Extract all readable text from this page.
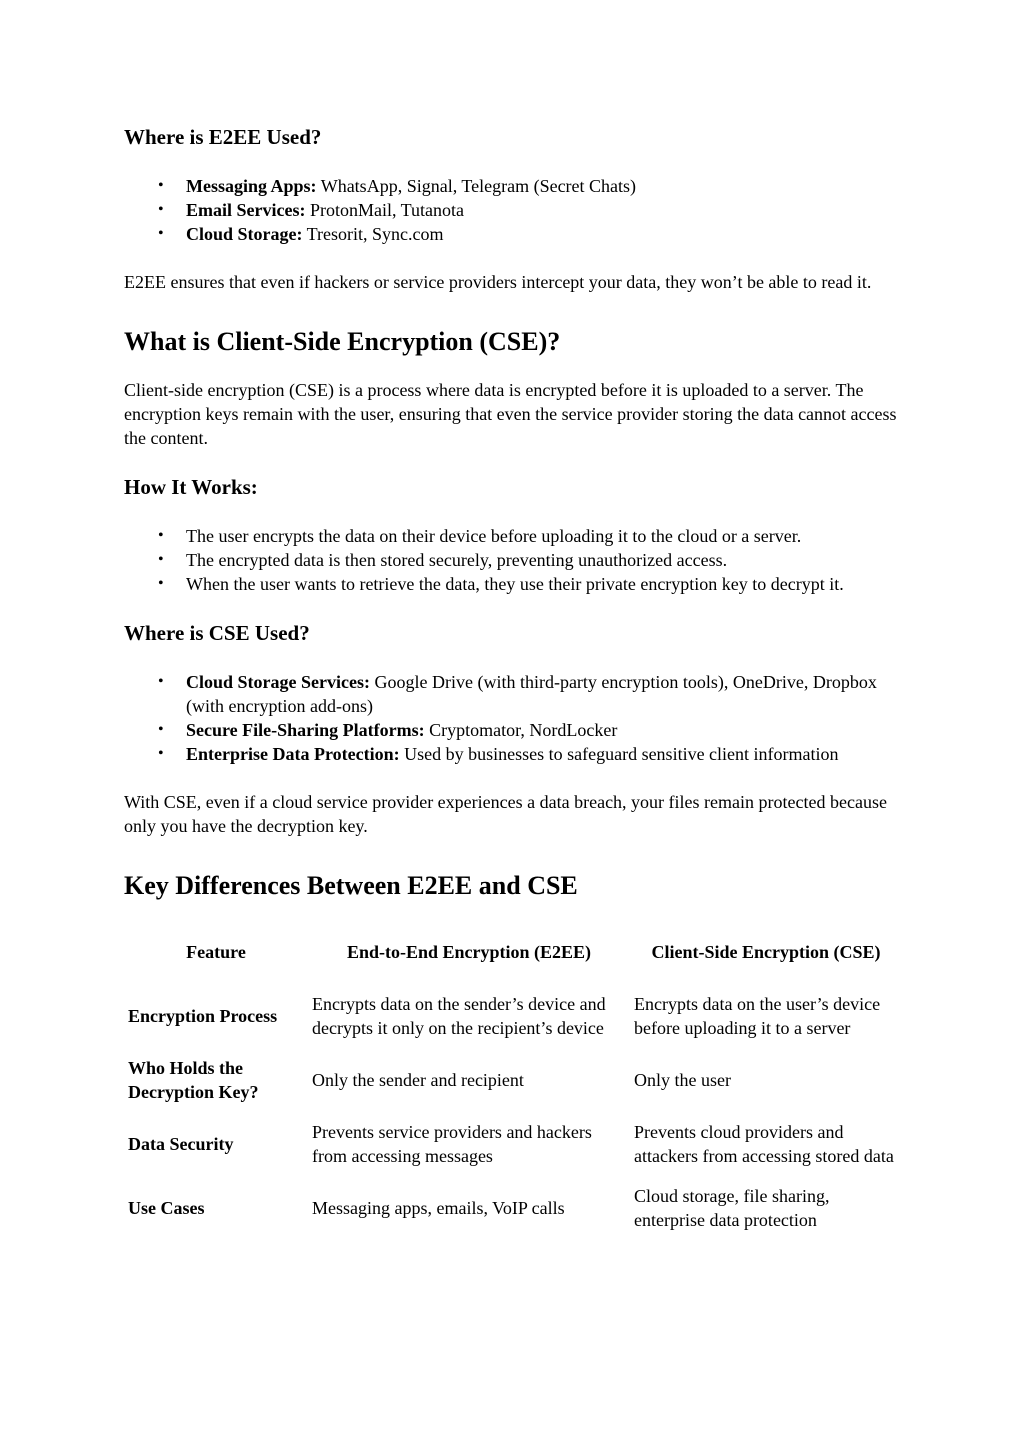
Where is E2EE Used?
• Messaging Apps: WhatsApp, Signal, Telegram (Secret Chats)
• Email Services: ProtonMail, Tutanota
• Cloud Storage: Tresorit, Sync.com

E2EE ensures that even if hackers or service providers intercept your data, they won’t be able to read it.

What is Client-Side Encryption (CSE)?

Client-side encryption (CSE) is a process where data is encrypted before it is uploaded to a server. The encryption keys remain with the user, ensuring that even the service provider storing the data cannot access the content.

How It Works:
• The user encrypts the data on their device before uploading it to the cloud or a server.
• The encrypted data is then stored securely, preventing unauthorized access.
• When the user wants to retrieve the data, they use their private encryption key to decrypt it.
Where is CSE Used?
• Cloud Storage Services: Google Drive (with third-party encryption tools), OneDrive, Dropbox (with encryption add-ons)
• Secure File-Sharing Platforms: Cryptomator, NordLocker
• Enterprise Data Protection: Used by businesses to safeguard sensitive client information

With CSE, even if a cloud service provider experiences a data breach, your files remain protected because only you have the decryption key.

Key Differences Between E2EE and CSE
Feature	End-to-End Encryption (E2EE)	Client-Side Encryption (CSE)
Encryption Process	Encrypts data on the sender’s device and decrypts it only on the recipient’s device	Encrypts data on the user’s device before uploading it to a server
Who Holds the Decryption Key?	Only the sender and recipient	Only the user
Data Security	Prevents service providers and hackers from accessing messages	Prevents cloud providers and attackers from accessing stored data
Use Cases	Messaging apps, emails, VoIP calls	Cloud storage, file sharing, enterprise data protection
